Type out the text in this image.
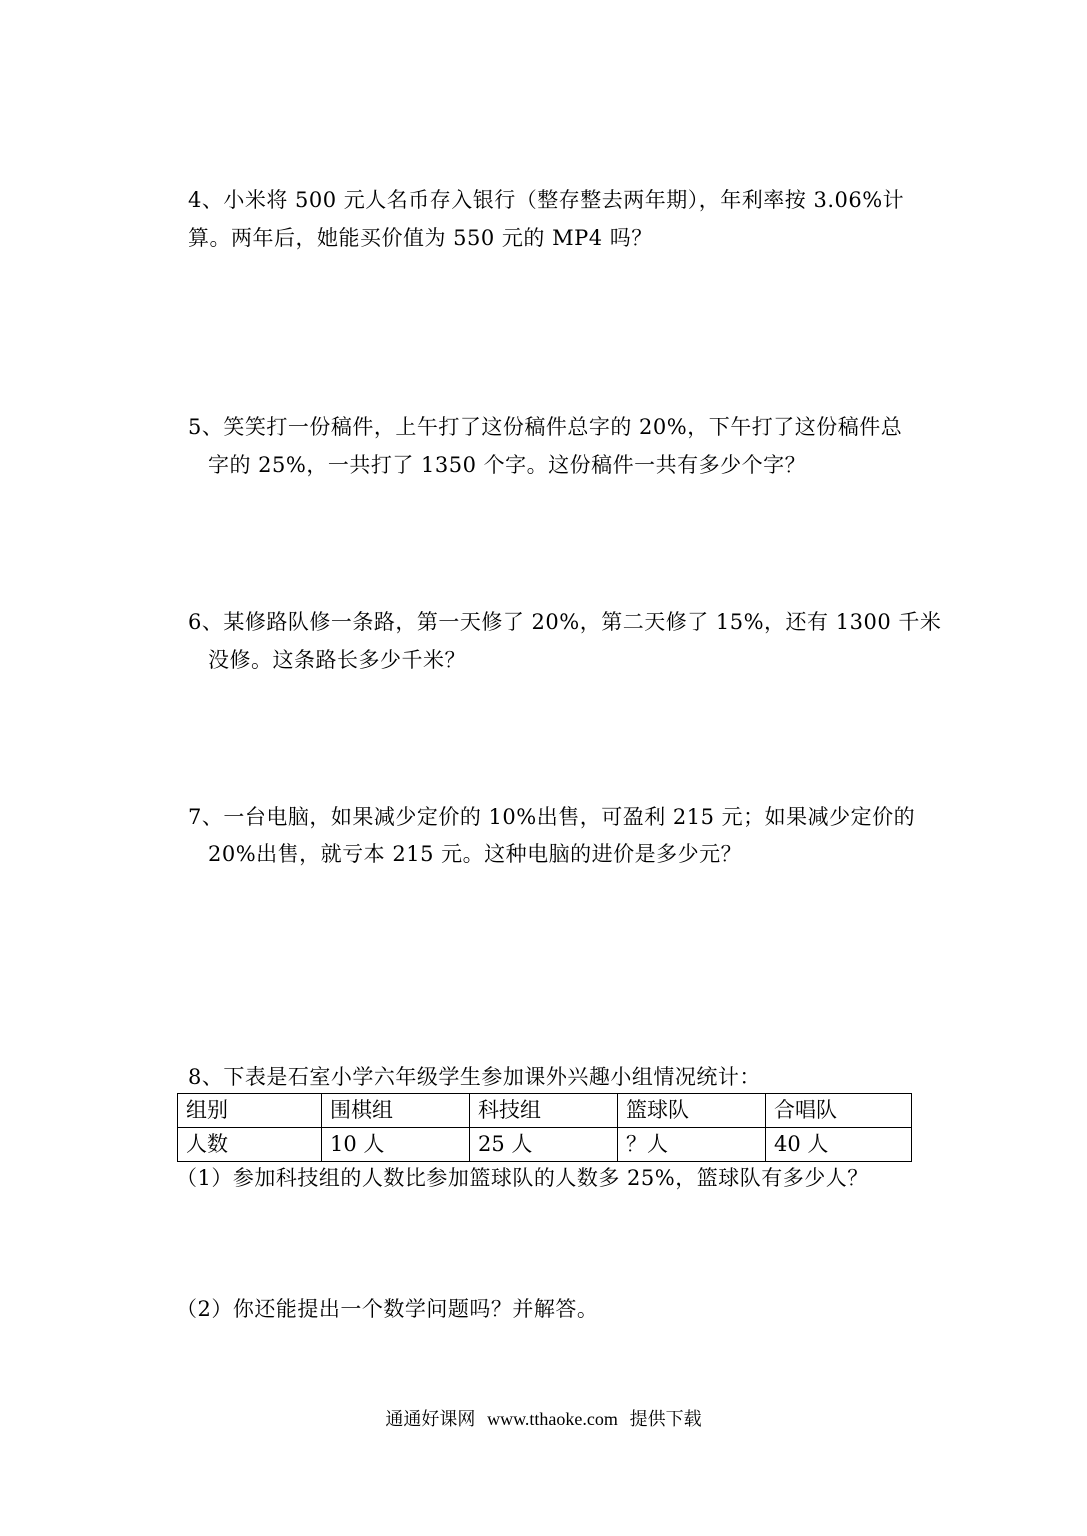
4、小米将 500 元人名币存入银行（整存整去两年期），年利率按 3.06%计
算。两年后，她能买价值为 550 元的 MP4 吗？
5、笑笑打一份稿件，上午打了这份稿件总字的 20%，下午打了这份稿件总
字的 25%，一共打了 1350 个字。这份稿件一共有多少个字？
6、某修路队修一条路，第一天修了 20%，第二天修了 15%，还有 1300 千米
没修。这条路长多少千米？
7、一台电脑，如果减少定价的 10%出售，可盈利 215 元；如果减少定价的
20%出售，就亏本 215 元。这种电脑的进价是多少元？
8、下表是石室小学六年级学生参加课外兴趣小组情况统计：
组别	围棋组	科技组	篮球队	合唱队
人数	10 人	25 人	？人	40 人
（1）参加科技组的人数比参加篮球队的人数多 25%，篮球队有多少人？
（2）你还能提出一个数学问题吗？并解答。
通通好课网 www.tthaoke.com 提供下载
